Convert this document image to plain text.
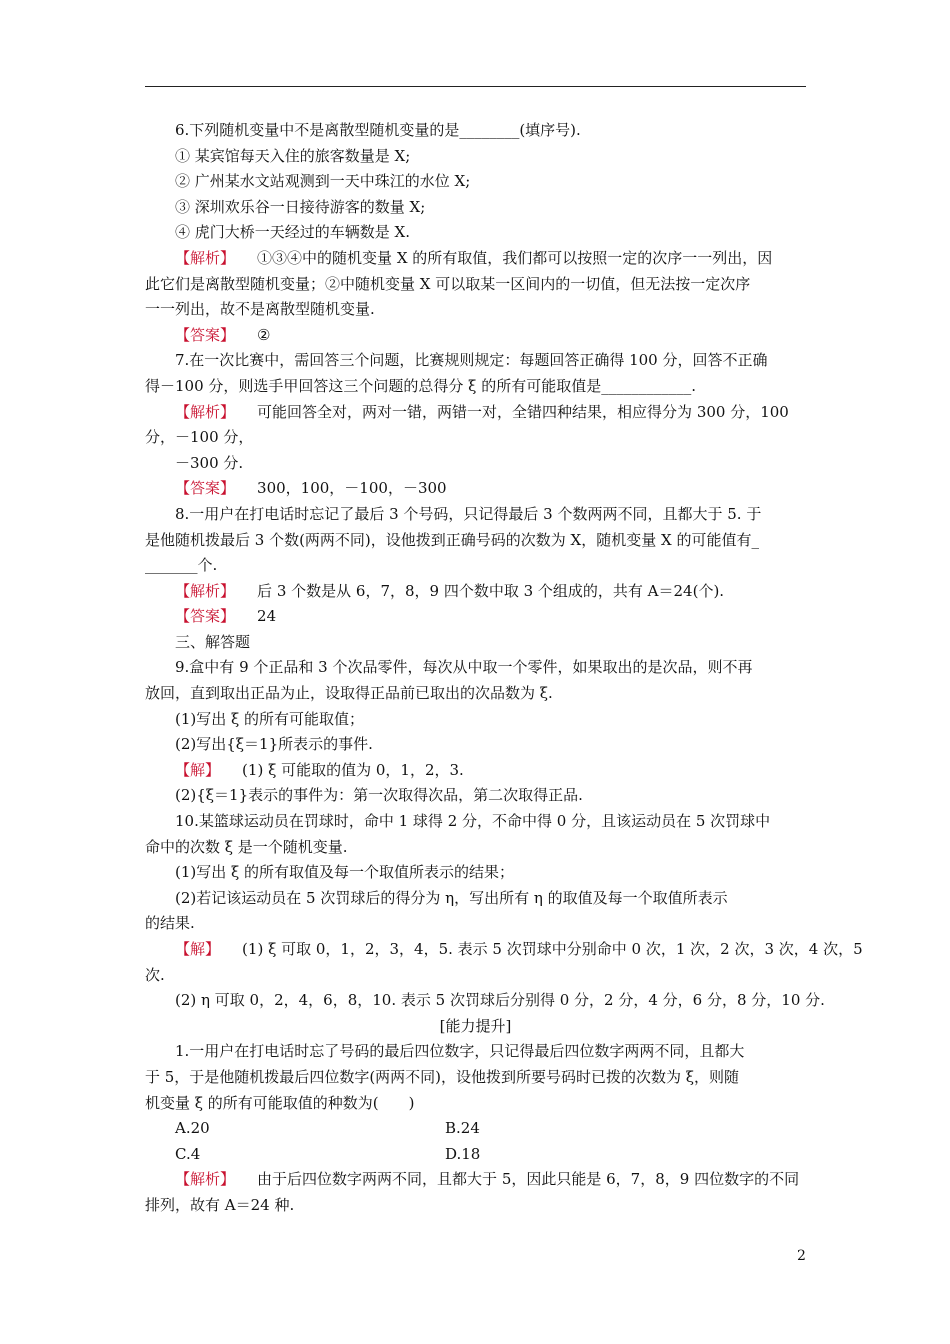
6.下列随机变量中不是离散型随机变量的是________(填序号).
① 某宾馆每天入住的旅客数量是 X;
② 广州某水文站观测到一天中珠江的水位 X;
③ 深圳欢乐谷一日接待游客的数量 X;
④ 虎门大桥一天经过的车辆数是 X.
【 解析 】 ①③④中的随机变量 X 的所有取值，我们都可以按照一定的次序一一列出，因
此它们是离散型随机变量；②中随机变量 X 可以取某一区间内的一切值，但无法按一定次序
一一列出，故不是离散型随机变量.
【 答案 】 ②
7.在一次比赛中，需回答三个问题，比赛规则规定：每题回答正确得 100 分，回答不正确
得－100 分，则选手甲回答这三个问题的总得分 ξ 的所有可能取值是____________.
【 解析 】 可能回答全对，两对一错，两错一对，全错四种结果，相应得分为 300 分，100
分，－100 分，
－300 分.
【 答案 】 300，100，－100，－300
8.一用户在打电话时忘记了最后 3 个号码，只记得最后 3 个数两两不同，且都大于 5. 于
是他随机拨最后 3 个数(两两不同)，设他拨到正确号码的次数为 X，随机变量 X 的可能值有_
_______个.
【 解析 】 后 3 个数是从 6，7，8，9 四个数中取 3 个组成的，共有 A＝24(个).
【 答案 】 24
三、解答题
9.盒中有 9 个正品和 3 个次品零件，每次从中取一个零件，如果取出的是次品，则不再
放回，直到取出正品为止，设取得正品前已取出的次品数为 ξ.
(1)写出 ξ 的所有可能取值；
(2)写出{ξ＝1}所表示的事件.
【 解 】 (1) ξ 可能取的值为 0，1，2，3.
(2){ξ＝1}表示的事件为：第一次取得次品，第二次取得正品.
10.某篮球运动员在罚球时，命中 1 球得 2 分，不命中得 0 分，且该运动员在 5 次罚球中
命中的次数 ξ 是一个随机变量.
(1)写出 ξ 的所有取值及每一个取值所表示的结果；
(2)若记该运动员在 5 次罚球后的得分为 η，写出所有 η 的取值及每一个取值所表示
的结果.
【 解 】 (1) ξ 可取 0，1，2，3，4，5. 表示 5 次罚球中分别命中 0 次，1 次，2 次，3 次，4 次，5
次.
(2) η 可取 0，2，4，6，8，10. 表示 5 次罚球后分别得 0 分，2 分，4 分，6 分，8 分，10 分.
[能力提升]
1.一用户在打电话时忘了号码的最后四位数字，只记得最后四位数字两两不同，且都大
于 5，于是他随机拨最后四位数字(两两不同)，设他拨到所要号码时已拨的次数为 ξ，则随
机变量 ξ 的所有可能取值的种数为(　　)
A.20	B.24
C.4	D.18
【 解析 】 由于后四位数字两两不同，且都大于 5，因此只能是 6，7，8，9 四位数字的不同
排列，故有 A＝24 种.
2
